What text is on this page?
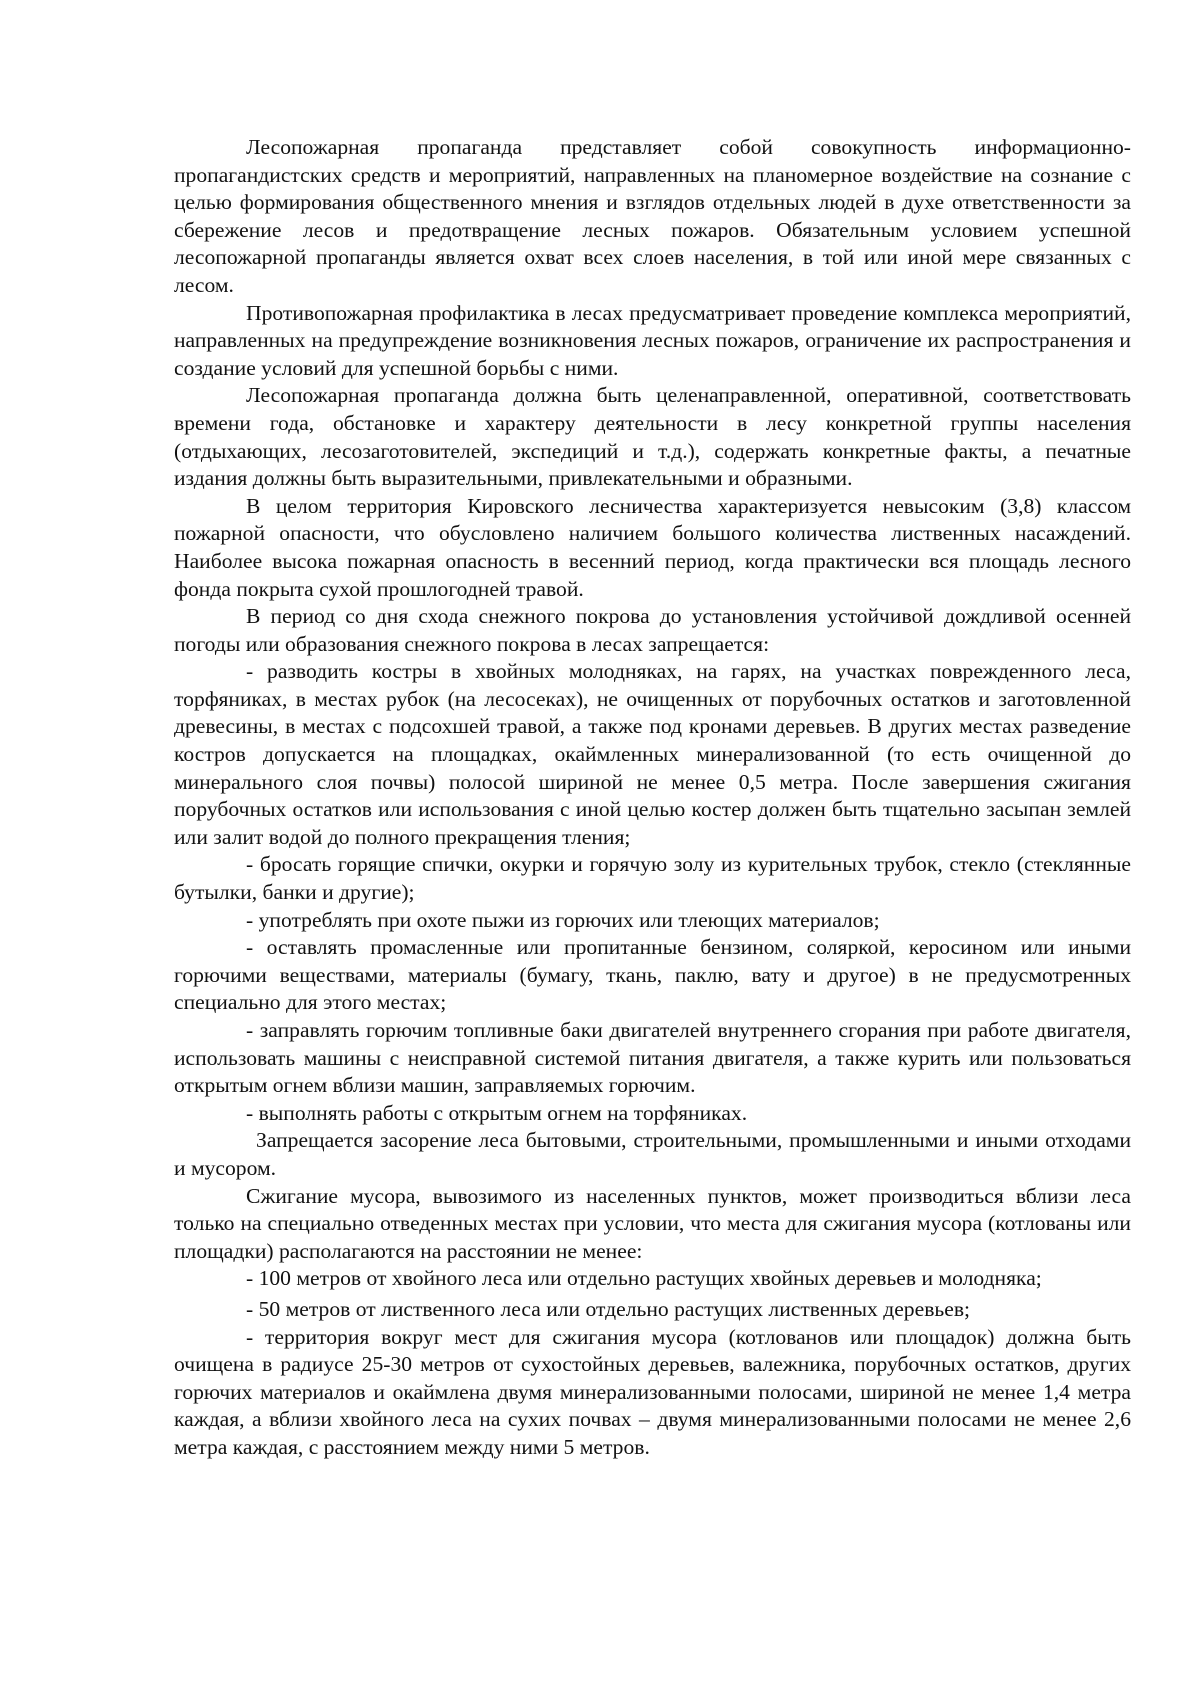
Лесопожарная пропаганда представляет собой совокупность информационно-пропагандистских средств и мероприятий, направленных на планомерное воздействие на сознание с целью формирования общественного мнения и взглядов отдельных людей в духе ответственности за сбережение лесов и предотвращение лесных пожаров. Обязательным условием успешной лесопожарной пропаганды является охват всех слоев населения, в той или иной мере связанных с лесом.

Противопожарная профилактика в лесах предусматривает проведение комплекса мероприятий, направленных на предупреждение возникновения лесных пожаров, ограничение их распространения и создание условий для успешной борьбы с ними.

Лесопожарная пропаганда должна быть целенаправленной, оперативной, соответствовать времени года, обстановке и характеру деятельности в лесу конкретной группы населения (отдыхающих, лесозаготовителей, экспедиций и т.д.), содержать конкретные факты, а печатные издания должны быть выразительными, привлекательными и образными.

В целом территория Кировского лесничества характеризуется невысоким (3,8) классом пожарной опасности, что обусловлено наличием большого количества лиственных насаждений. Наиболее высока пожарная опасность в весенний период, когда практически вся площадь лесного фонда покрыта сухой прошлогодней травой.

В период со дня схода снежного покрова до установления устойчивой дождливой осенней погоды или образования снежного покрова в лесах запрещается:

- разводить костры в хвойных молодняках, на гарях, на участках поврежденного леса, торфяниках, в местах рубок (на лесосеках), не очищенных от порубочных остатков и заготовленной древесины, в местах с подсохшей травой, а также под кронами деревьев. В других местах разведение костров допускается на площадках, окаймленных минерализованной (то есть очищенной до минерального слоя почвы) полосой шириной не менее 0,5 метра. После завершения сжигания порубочных остатков или использования с иной целью костер должен быть тщательно засыпан землей или залит водой до полного прекращения тления;

- бросать горящие спички, окурки и горячую золу из курительных трубок, стекло (стеклянные бутылки, банки и другие);

- употреблять при охоте пыжи из горючих или тлеющих материалов;

- оставлять промасленные или пропитанные бензином, соляркой, керосином или иными горючими веществами, материалы (бумагу, ткань, паклю, вату и другое) в не предусмотренных специально для этого местах;

- заправлять горючим топливные баки двигателей внутреннего сгорания при работе двигателя, использовать машины с неисправной системой питания двигателя, а также курить или пользоваться открытым огнем вблизи машин, заправляемых горючим.

- выполнять работы с открытым огнем на торфяниках.

Запрещается засорение леса бытовыми, строительными, промышленными и иными отходами и мусором.

Сжигание мусора, вывозимого из населенных пунктов, может производиться вблизи леса только на специально отведенных местах при условии, что места для сжигания мусора (котлованы или площадки) располагаются на расстоянии не менее:

- 100 метров от хвойного леса или отдельно растущих хвойных деревьев и молодняка;

- 50 метров от лиственного леса или отдельно растущих лиственных деревьев;

- территория вокруг мест для сжигания мусора (котлованов или площадок) должна быть очищена в радиусе 25-30 метров от сухостойных деревьев, валежника, порубочных остатков, других горючих материалов и окаймлена двумя минерализованными полосами, шириной не менее 1,4 метра каждая, а вблизи хвойного леса на сухих почвах – двумя минерализованными полосами не менее 2,6 метра каждая, с расстоянием между ними 5 метров.
